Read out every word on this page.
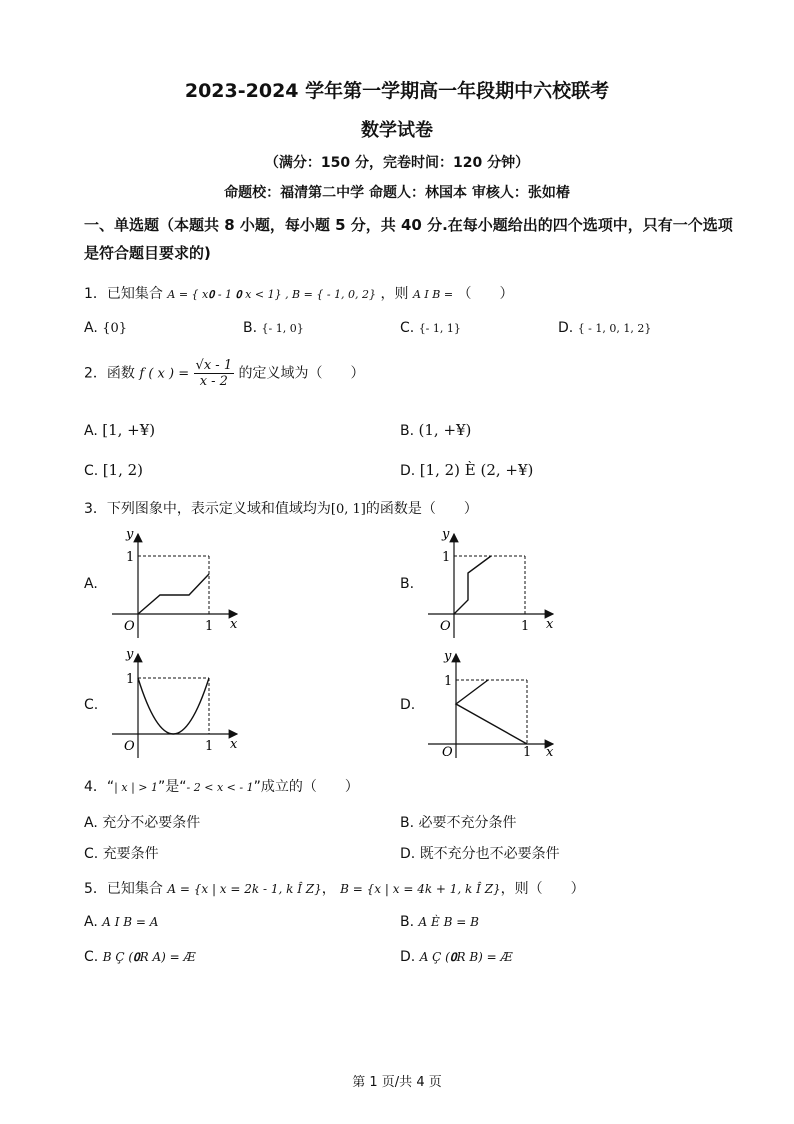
2023-2024 学年第一学期高一年段期中六校联考
数学试卷
（满分：150 分，完卷时间：120 分钟）
命题校：福清第二中学 命题人：林国本 审核人：张如椿
一、单选题（本题共 8 小题，每小题 5 分，共 40 分.在每小题给出的四个选项中，只有一个选项
是符合题目要求的)
1．已知集合 A = { x𝟎 - 1 𝟎 x < 1} , B = { - 1, 0, 2} ，则 A I B = （　　）
A. {0}	B. {- 1, 0}	C. {- 1, 1}	D. { - 1, 0, 1, 2}
2．函数 f ( x ) = $\frac{√x - 1}{x - 2}$ 的定义域为（　　）
A. [1, +¥)	B. (1, +¥)
C. [1, 2)	D. [1, 2) È (2, +¥)
3．下列图象中，表示定义域和值域均为[0, 1]的函数是（　　）
A.	B.
C.	D.
y
x
O	1
1
y
x
O	1
1
y
x
O	1
1
y
x
O	1
1
4．“| x | > 1”是“- 2 < x < - 1”成立的（　　）
A. 充分不必要条件	B. 必要不充分条件
C. 充要条件	D. 既不充分也不必要条件
5．已知集合 A = {x | x = 2k - 1, k Î Z}， B = {x | x = 4k + 1, k Î Z}，则（　　）
A. A I B = A	B. A È B = B
C. B Ç (𝟎R A) = Æ	D. A Ç (𝟎R B) = Æ
第 1 页/共 4 页
